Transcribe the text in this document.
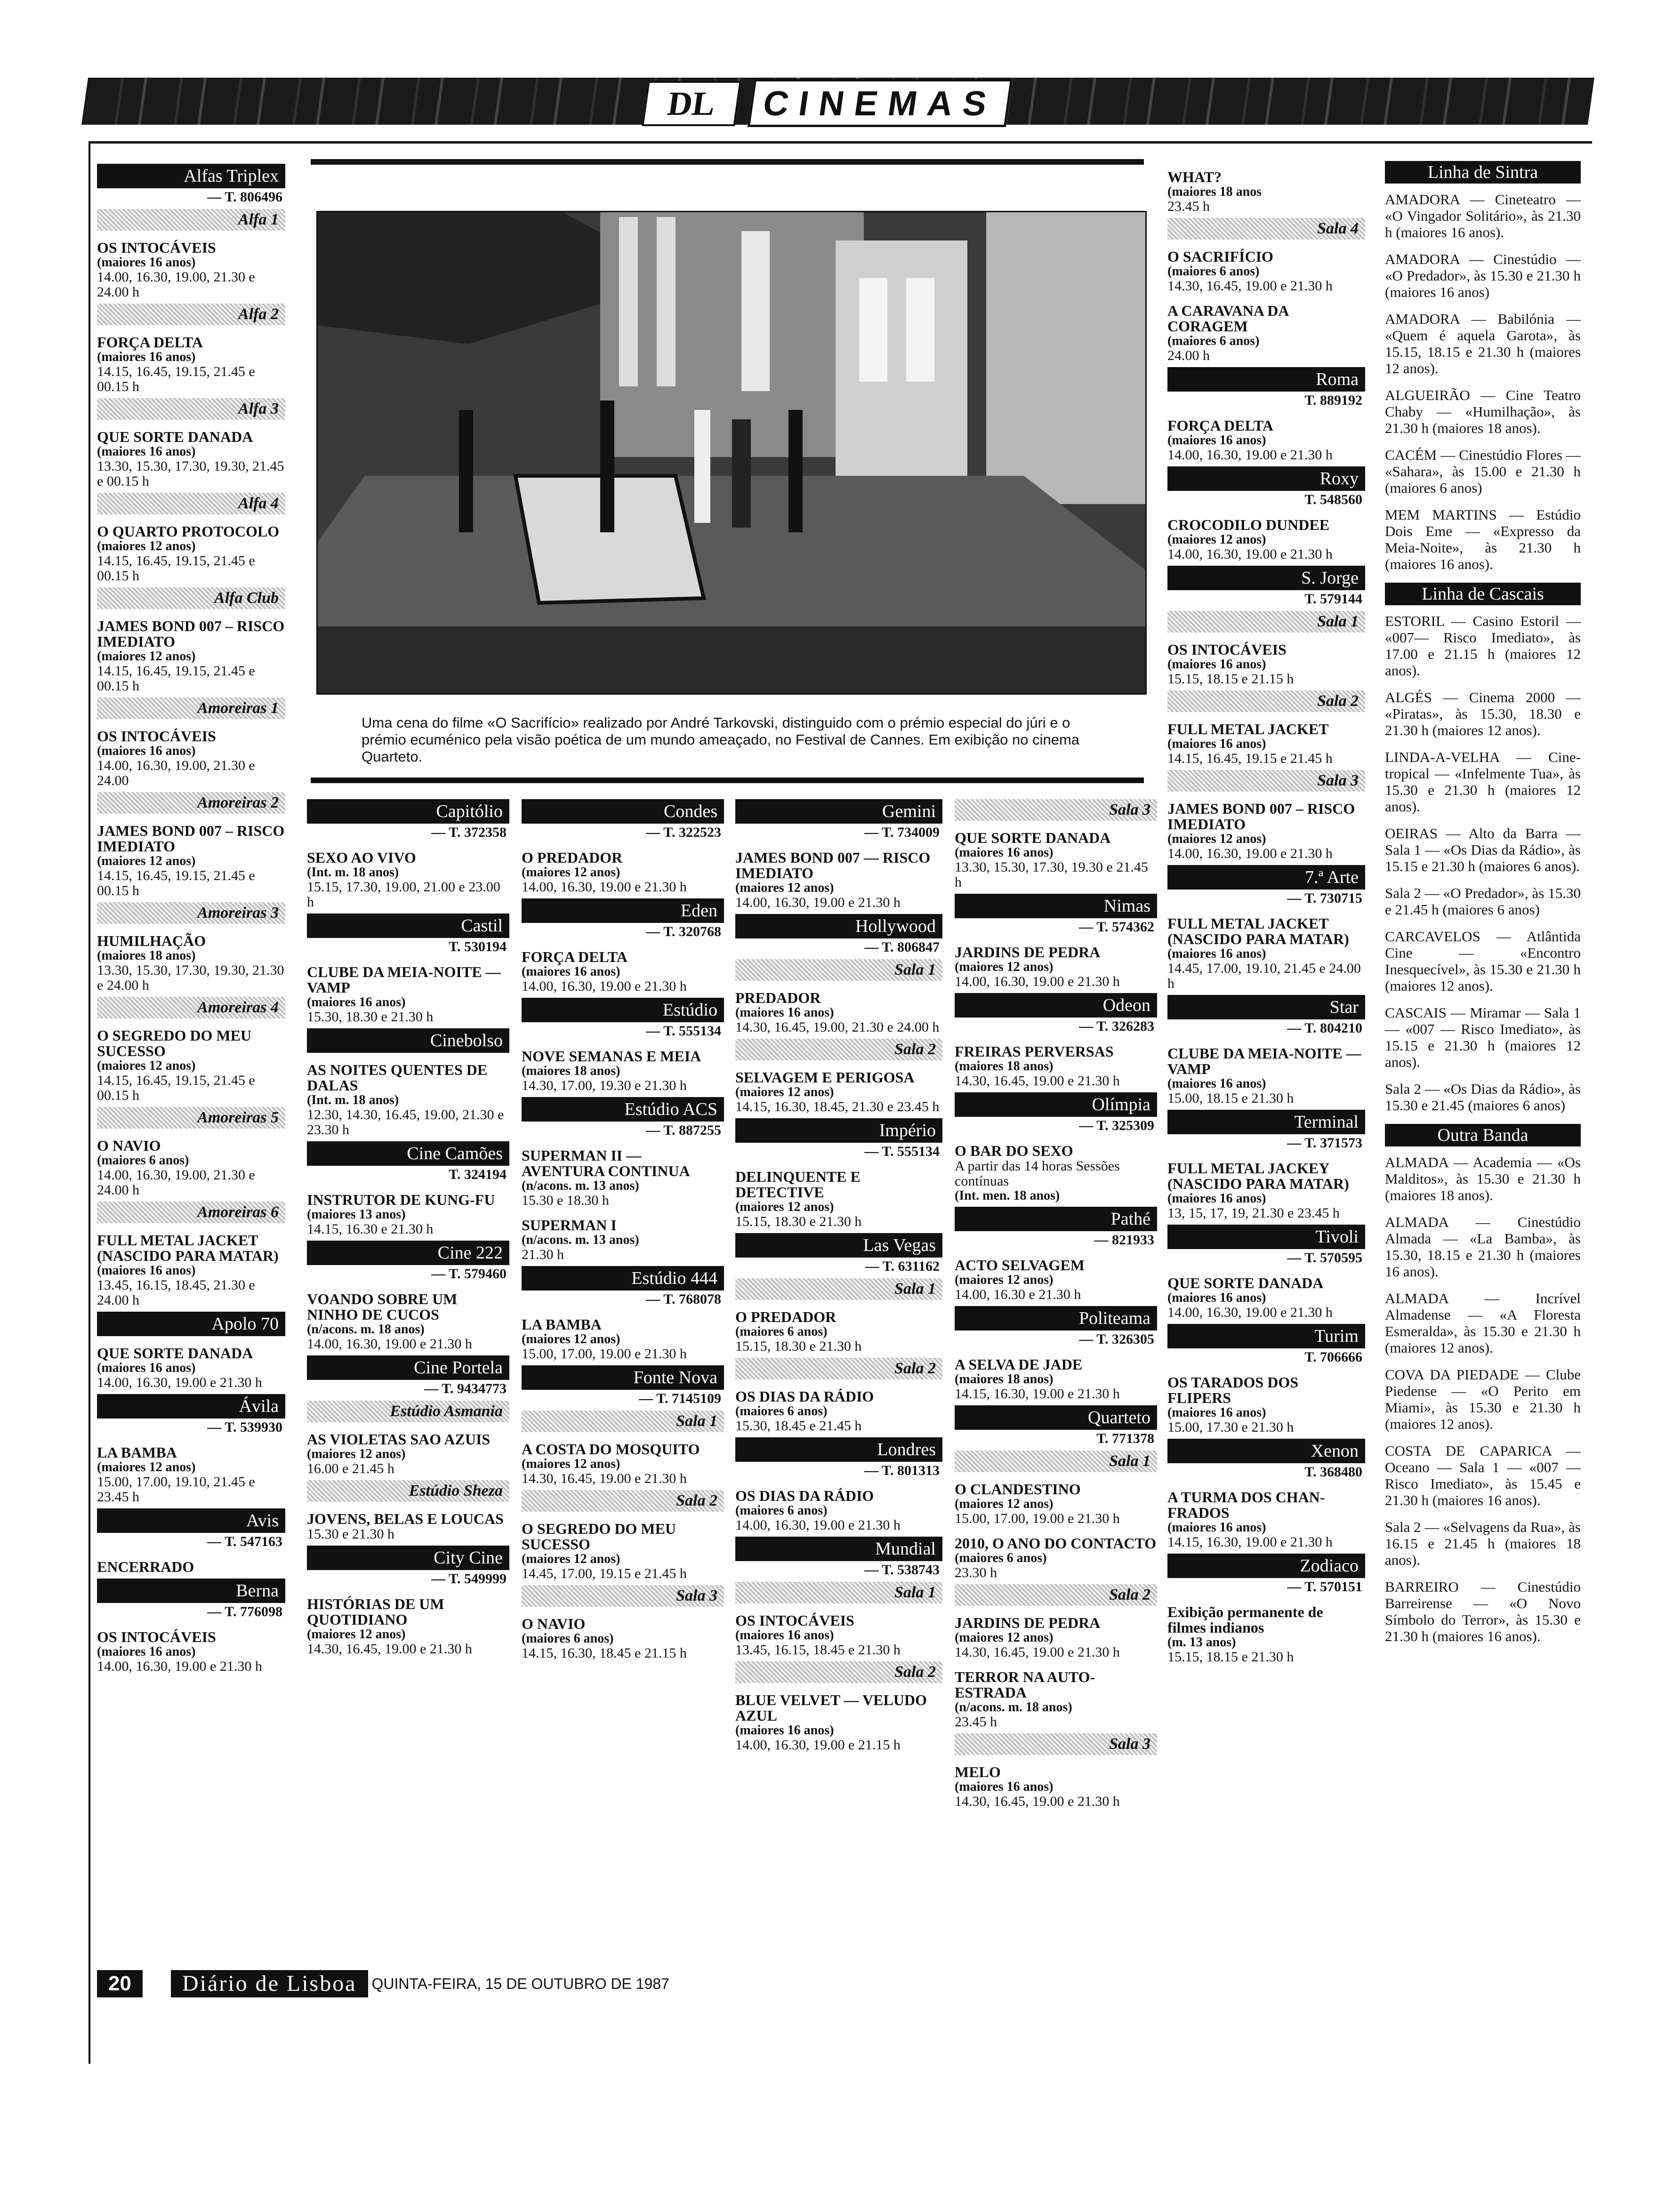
DL	CINEMAS
Uma cena do filme «O Sacrifício» realizado por André Tarkovski, distinguido com o prémio especial do júri e o prémio ecuménico pela visão poética de um mundo ameaçado, no Festival de Cannes. Em exibição no cinema Quarteto.
Alfas Triplex
— T. 806496
Alfa 1
OS INTOCÁVEIS
(maiores 16 anos)
14.00, 16.30, 19.00, 21.30 e 24.00 h
Alfa 2
FORÇA DELTA
(maiores 16 anos)
14.15, 16.45, 19.15, 21.45 e 00.15 h
Alfa 3
QUE SORTE DANADA
(maiores 16 anos)
13.30, 15.30, 17.30, 19.30, 21.45 e 00.15 h
Alfa 4
O QUARTO PROTOCOLO
(maiores 12 anos)
14.15, 16.45, 19.15, 21.45 e 00.15 h
Alfa Club
JAMES BOND 007 – RISCO IMEDIATO
(maiores 12 anos)
14.15, 16.45, 19.15, 21.45 e 00.15 h
Amoreiras 1
OS INTOCÁVEIS
(maiores 16 anos)
14.00, 16.30, 19.00, 21.30 e 24.00
Amoreiras 2
JAMES BOND 007 – RISCO IMEDIATO
(maiores 12 anos)
14.15, 16.45, 19.15, 21.45 e 00.15 h
Amoreiras 3
HUMILHAÇÃO
(maiores 18 anos)
13.30, 15.30, 17.30, 19.30, 21.30 e 24.00 h
Amoreiras 4
O SEGREDO DO MEU SUCESSO
(maiores 12 anos)
14.15, 16.45, 19.15, 21.45 e 00.15 h
Amoreiras 5
O NAVIO
(maiores 6 anos)
14.00, 16.30, 19.00, 21.30 e 24.00 h
Amoreiras 6
FULL METAL JACKET (NASCIDO PARA MATAR)
(maiores 16 anos)
13.45, 16.15, 18.45, 21.30 e 24.00 h
Apolo 70
QUE SORTE DANADA
(maiores 16 anos)
14.00, 16.30, 19.00 e 21.30 h
Ávila
— T. 539930
LA BAMBA
(maiores 12 anos)
15.00, 17.00, 19.10, 21.45 e 23.45 h
Avis
— T. 547163
ENCERRADO
Berna
— T. 776098
OS INTOCÁVEIS
(maiores 16 anos)
14.00, 16.30, 19.00 e 21.30 h
Capitólio
— T. 372358
SEXO AO VIVO
(Int. m. 18 anos)
15.15, 17.30, 19.00, 21.00 e 23.00 h
Castil
T. 530194
CLUBE DA MEIA-NOITE — VAMP
(maiores 16 anos)
15.30, 18.30 e 21.30 h
Cinebolso
AS NOITES QUENTES DE DALAS
(Int. m. 18 anos)
12.30, 14.30, 16.45, 19.00, 21.30 e 23.30 h
Cine Camões
T. 324194
INSTRUTOR DE KUNG-FU
(maiores 13 anos)
14.15, 16.30 e 21.30 h
Cine 222
— T. 579460
VOANDO SOBRE UM NINHO DE CUCOS
(n/acons. m. 18 anos)
14.00, 16.30, 19.00 e 21.30 h
Cine Portela
— T. 9434773
Estúdio Asmania
AS VIOLETAS SAO AZUIS
(maiores 12 anos)
16.00 e 21.45 h
Estúdio Sheza
JOVENS, BELAS E LOUCAS
15.30 e 21.30 h
City Cine
— T. 549999
HISTÓRIAS DE UM QUOTIDIANO
(maiores 12 anos)
14.30, 16.45, 19.00 e 21.30 h
Condes
— T. 322523
O PREDADOR
(maiores 12 anos)
14.00, 16.30, 19.00 e 21.30 h
Eden
— T. 320768
FORÇA DELTA
(maiores 16 anos)
14.00, 16.30, 19.00 e 21.30 h
Estúdio
— T. 555134
NOVE SEMANAS E MEIA
(maiores 18 anos)
14.30, 17.00, 19.30 e 21.30 h
Estúdio ACS
— T. 887255
SUPERMAN II — AVENTURA CONTINUA
(n/acons. m. 13 anos)
15.30 e 18.30 h
SUPERMAN I
(n/acons. m. 13 anos)
21.30 h
Estúdio 444
— T. 768078
LA BAMBA
(maiores 12 anos)
15.00, 17.00, 19.00 e 21.30 h
Fonte Nova
— T. 7145109
Sala 1
A COSTA DO MOSQUITO
(maiores 12 anos)
14.30, 16.45, 19.00 e 21.30 h
Sala 2
O SEGREDO DO MEU SUCESSO
(maiores 12 anos)
14.45, 17.00, 19.15 e 21.45 h
Sala 3
O NAVIO
(maiores 6 anos)
14.15, 16.30, 18.45 e 21.15 h
Gemini
— T. 734009
JAMES BOND 007 — RISCO IMEDIATO
(maiores 12 anos)
14.00, 16.30, 19.00 e 21.30 h
Hollywood
— T. 806847
Sala 1
PREDADOR
(maiores 16 anos)
14.30, 16.45, 19.00, 21.30 e 24.00 h
Sala 2
SELVAGEM E PERIGOSA
(maiores 12 anos)
14.15, 16.30, 18.45, 21.30 e 23.45 h
Império
— T. 555134
DELINQUENTE E DETECTIVE
(maiores 12 anos)
15.15, 18.30 e 21.30 h
Las Vegas
— T. 631162
Sala 1
O PREDADOR
(maiores 6 anos)
15.15, 18.30 e 21.30 h
Sala 2
OS DIAS DA RÁDIO
(maiores 6 anos)
15.30, 18.45 e 21.45 h
Londres
— T. 801313
OS DIAS DA RÁDIO
(maiores 6 anos)
14.00, 16.30, 19.00 e 21.30 h
Mundial
— T. 538743
Sala 1
OS INTOCÁVEIS
(maiores 16 anos)
13.45, 16.15, 18.45 e 21.30 h
Sala 2
BLUE VELVET — VELUDO AZUL
(maiores 16 anos)
14.00, 16.30, 19.00 e 21.15 h
Sala 3
QUE SORTE DANADA
(maiores 16 anos)
13.30, 15.30, 17.30, 19.30 e 21.45 h
Nimas
— T. 574362
JARDINS DE PEDRA
(maiores 12 anos)
14.00, 16.30, 19.00 e 21.30 h
Odeon
— T. 326283
FREIRAS PERVERSAS
(maiores 18 anos)
14.30, 16.45, 19.00 e 21.30 h
Olímpia
— T. 325309
O BAR DO SEXO
A partir das 14 horas Sessões contínuas
(Int. men. 18 anos)
Pathé
— 821933
ACTO SELVAGEM
(maiores 12 anos)
14.00, 16.30 e 21.30 h
Politeama
— T. 326305
A SELVA DE JADE
(maiores 18 anos)
14.15, 16.30, 19.00 e 21.30 h
Quarteto
T. 771378
Sala 1
O CLANDESTINO
(maiores 12 anos)
15.00, 17.00, 19.00 e 21.30 h
2010, O ANO DO CONTACTO
(maiores 6 anos)
23.30 h
Sala 2
JARDINS DE PEDRA
(maiores 12 anos)
14.30, 16.45, 19.00 e 21.30 h
TERROR NA AUTO-ESTRADA
(n/acons. m. 18 anos)
23.45 h
Sala 3
MELO
(maiores 16 anos)
14.30, 16.45, 19.00 e 21.30 h
WHAT?
(maiores 18 anos
23.45 h
Sala 4
O SACRIFÍCIO
(maiores 6 anos)
14.30, 16.45, 19.00 e 21.30 h
A CARAVANA DA CORAGEM
(maiores 6 anos)
24.00 h
Roma
T. 889192
FORÇA DELTA
(maiores 16 anos)
14.00, 16.30, 19.00 e 21.30 h
Roxy
T. 548560
CROCODILO DUNDEE
(maiores 12 anos)
14.00, 16.30, 19.00 e 21.30 h
S. Jorge
T. 579144
Sala 1
OS INTOCÁVEIS
(maiores 16 anos)
15.15, 18.15 e 21.15 h
Sala 2
FULL METAL JACKET
(maiores 16 anos)
14.15, 16.45, 19.15 e 21.45 h
Sala 3
JAMES BOND 007 – RISCO IMEDIATO
(maiores 12 anos)
14.00, 16.30, 19.00 e 21.30 h
7.ª Arte
— T. 730715
FULL METAL JACKET (NASCIDO PARA MATAR)
(maiores 16 anos)
14.45, 17.00, 19.10, 21.45 e 24.00 h
Star
— T. 804210
CLUBE DA MEIA-NOITE — VAMP
(maiores 16 anos)
15.00, 18.15 e 21.30 h
Terminal
— T. 371573
FULL METAL JACKEY (NASCIDO PARA MATAR)
(maiores 16 anos)
13, 15, 17, 19, 21.30 e 23.45 h
Tivoli
— T. 570595
QUE SORTE DANADA
(maiores 16 anos)
14.00, 16.30, 19.00 e 21.30 h
Turim
T. 706666
OS TARADOS DOS FLIPERS
(maiores 16 anos)
15.00, 17.30 e 21.30 h
Xenon
T. 368480
A TURMA DOS CHAN-FRADOS
(maiores 16 anos)
14.15, 16.30, 19.00 e 21.30 h
Zodiaco
— T. 570151
Exibição permanente de filmes indianos
(m. 13 anos)
15.15, 18.15 e 21.30 h
Linha de Sintra
AMADORA — Cineteatro — «O Vingador Solitário», às 21.30 h (maiores 16 anos).
AMADORA — Cinestúdio — «O Predador», às 15.30 e 21.30 h (maiores 16 anos)
AMADORA — Babilónia — «Quem é aquela Garota», às 15.15, 18.15 e 21.30 h (maiores 12 anos).
ALGUEIRÃO — Cine Teatro Chaby — «Humilhação», às 21.30 h (maiores 18 anos).
CACÉM — Cinestúdio Flores — «Sahara», às 15.00 e 21.30 h (maiores 6 anos)
MEM MARTINS — Estúdio Dois Eme — «Expresso da Meia-Noite», às 21.30 h (maiores 16 anos).
Linha de Cascais
ESTORIL — Casino Estoril — «007— Risco Imediato», às 17.00 e 21.15 h (maiores 12 anos).
ALGÉS — Cinema 2000 — «Piratas», às 15.30, 18.30 e 21.30 h (maiores 12 anos).
LINDA-A-VELHA — Cine-tropical — «Infelmente Tua», às 15.30 e 21.30 h (maiores 12 anos).
OEIRAS — Alto da Barra — Sala 1 — «Os Dias da Rádio», às 15.15 e 21.30 h (maiores 6 anos).
Sala 2 — «O Predador», às 15.30 e 21.45 h (maiores 6 anos)
CARCAVELOS — Atlântida Cine — «Encontro Inesquecível», às 15.30 e 21.30 h (maiores 12 anos).
CASCAIS — Miramar — Sala 1 — «007 — Risco Imediato», às 15.15 e 21.30 h (maiores 12 anos).
Sala 2 — «Os Dias da Rádio», às 15.30 e 21.45 (maiores 6 anos)
Outra Banda
ALMADA — Academia — «Os Malditos», às 15.30 e 21.30 h (maiores 18 anos).
ALMADA — Cinestúdio Almada — «La Bamba», às 15.30, 18.15 e 21.30 h (maiores 16 anos).
ALMADA — Incrível Almadense — «A Floresta Esmeralda», às 15.30 e 21.30 h (maiores 12 anos).
COVA DA PIEDADE — Clube Piedense — «O Perito em Miami», às 15.30 e 21.30 h (maiores 12 anos).
COSTA DE CAPARICA — Oceano — Sala 1 — «007 — Risco Imediato», às 15.45 e 21.30 h (maiores 16 anos).
Sala 2 — «Selvagens da Rua», às 16.15 e 21.45 h (maiores 18 anos).
BARREIRO — Cinestúdio Barreirense — «O Novo Símbolo do Terror», às 15.30 e 21.30 h (maiores 16 anos).
20	Diário de Lisboa	QUINTA-FEIRA, 15 DE OUTUBRO DE 1987
